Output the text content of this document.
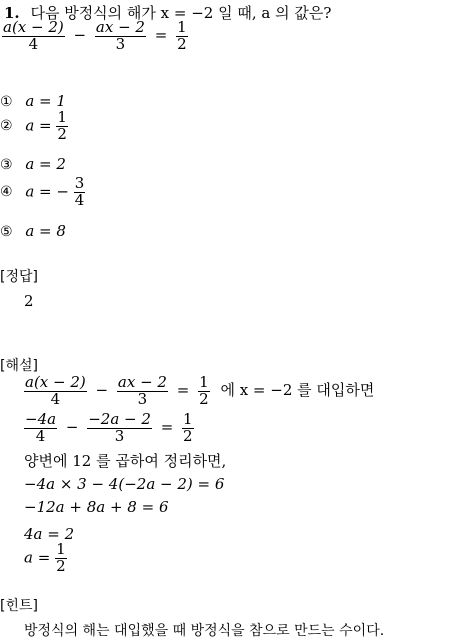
1. 다음 방정식의 해가 x = −2 일 때, a 의 값은?
$\frac{a(x - 2)}{4} - \frac{ax - 2}{3} = \frac{1}{2}$
① a = 1
② $a = \frac{1}{2}$
③ a = 2
④ a = − $\frac{3}{4}$
⑤ a = 8
[정답]
2
[해설]
$\frac{a(x - 2)}{4} - \frac{ax - 2}{3} = \frac{1}{2}$ 에 x = −2 를 대입하면
$\frac{-4a}{4} - \frac{-2a - 2}{3} = \frac{1}{2}$
양변에 12 를 곱하여 정리하면,
−4a × 3 − 4(−2a − 2) = 6
−12a + 8a + 8 = 6
4a = 2
$a = \frac{1}{2}$
[힌트]
방정식의 해는 대입했을 때 방정식을 참으로 만드는 수이다.
